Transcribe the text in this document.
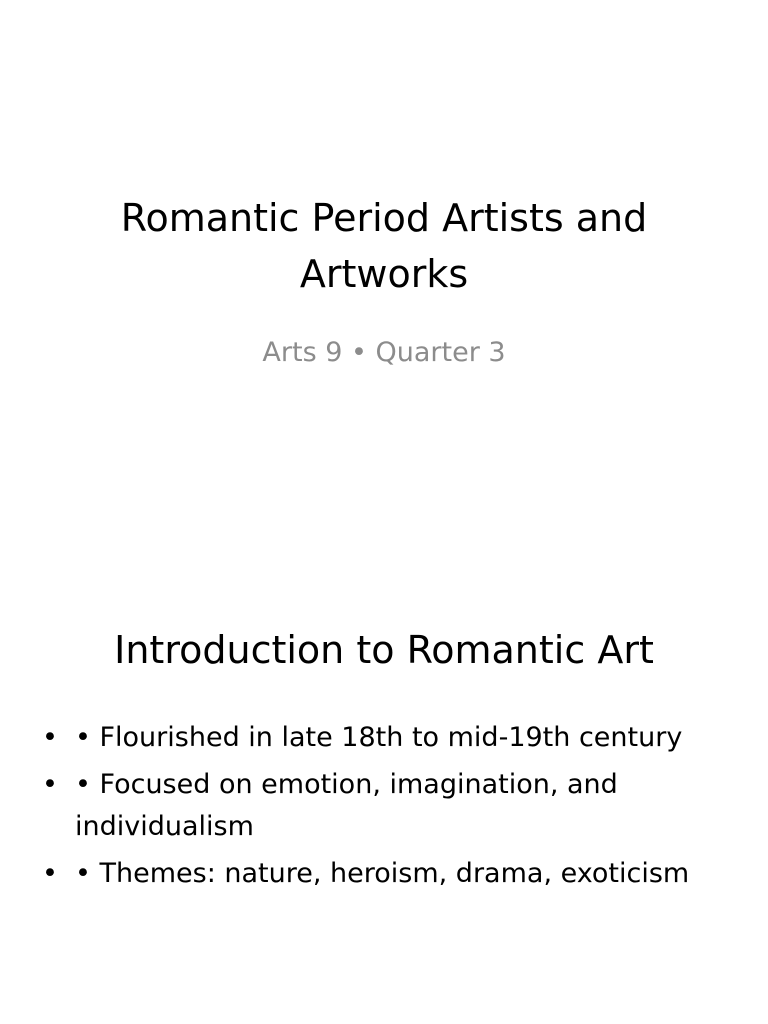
Romantic Period Artists and Artworks

Arts 9 • Quarter 3

Introduction to Romantic Art
• • Flourished in late 18th to mid-19th century
• • Focused on emotion, imagination, and individualism
• • Themes: nature, heroism, drama, exoticism
